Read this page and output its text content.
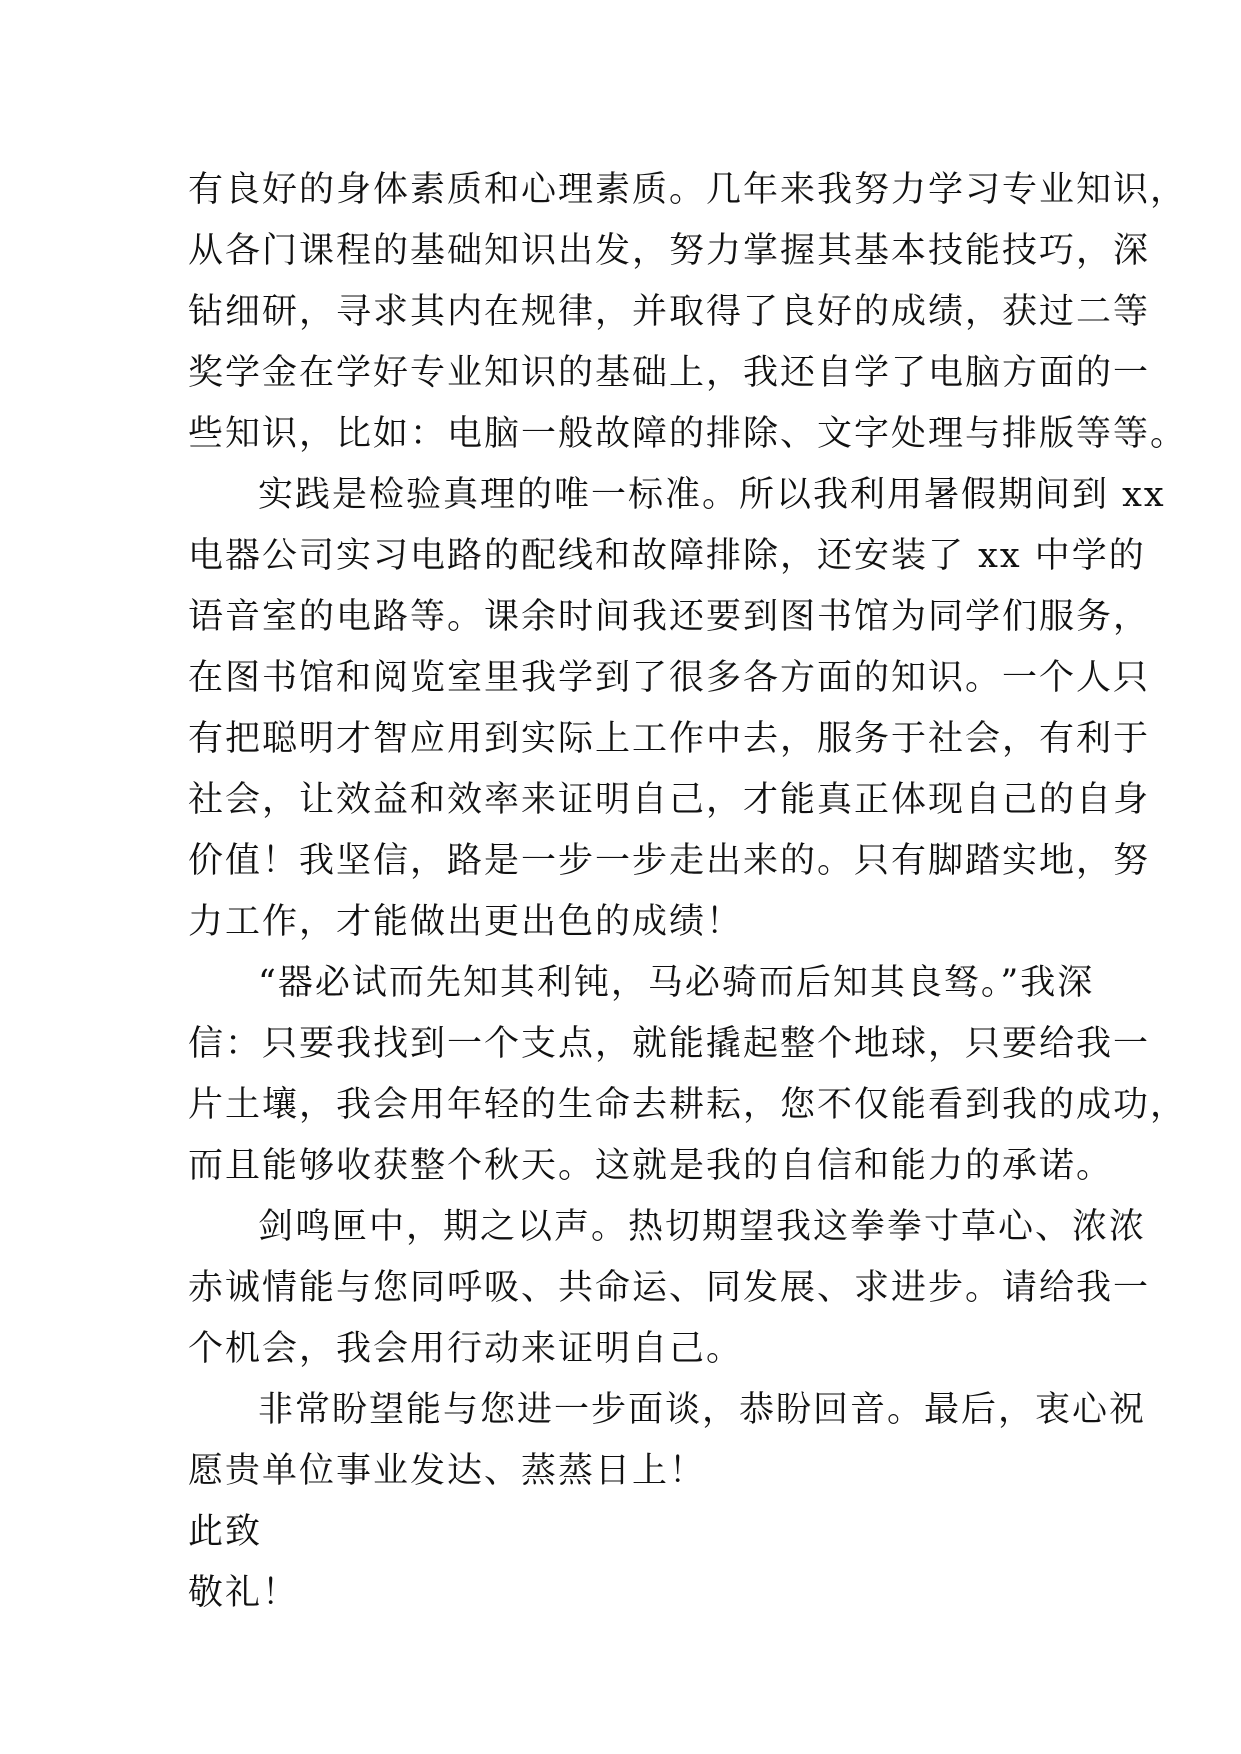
有良好的身体素质和心理素质。几年来我努力学习专业知识，
从各门课程的基础知识出发，努力掌握其基本技能技巧，深
钻细研，寻求其内在规律，并取得了良好的成绩，获过二等
奖学金在学好专业知识的基础上，我还自学了电脑方面的一
些知识，比如：电脑一般故障的排除、文字处理与排版等等。
实践是检验真理的唯一标准。所以我利用暑假期间到 xx
电器公司实习电路的配线和故障排除，还安装了 xx 中学的
语音室的电路等。课余时间我还要到图书馆为同学们服务，
在图书馆和阅览室里我学到了很多各方面的知识。一个人只
有把聪明才智应用到实际上工作中去，服务于社会，有利于
社会，让效益和效率来证明自己，才能真正体现自己的自身
价值！我坚信，路是一步一步走出来的。只有脚踏实地，努
力工作，才能做出更出色的成绩！
“器必试而先知其利钝，马必骑而后知其良驽。”我深
信：只要我找到一个支点，就能撬起整个地球，只要给我一
片土壤，我会用年轻的生命去耕耘，您不仅能看到我的成功，
而且能够收获整个秋天。这就是我的自信和能力的承诺。
剑鸣匣中，期之以声。热切期望我这拳拳寸草心、浓浓
赤诚情能与您同呼吸、共命运、同发展、求进步。请给我一
个机会，我会用行动来证明自己。
非常盼望能与您进一步面谈，恭盼回音。最后，衷心祝
愿贵单位事业发达、蒸蒸日上！
此致
敬礼！
